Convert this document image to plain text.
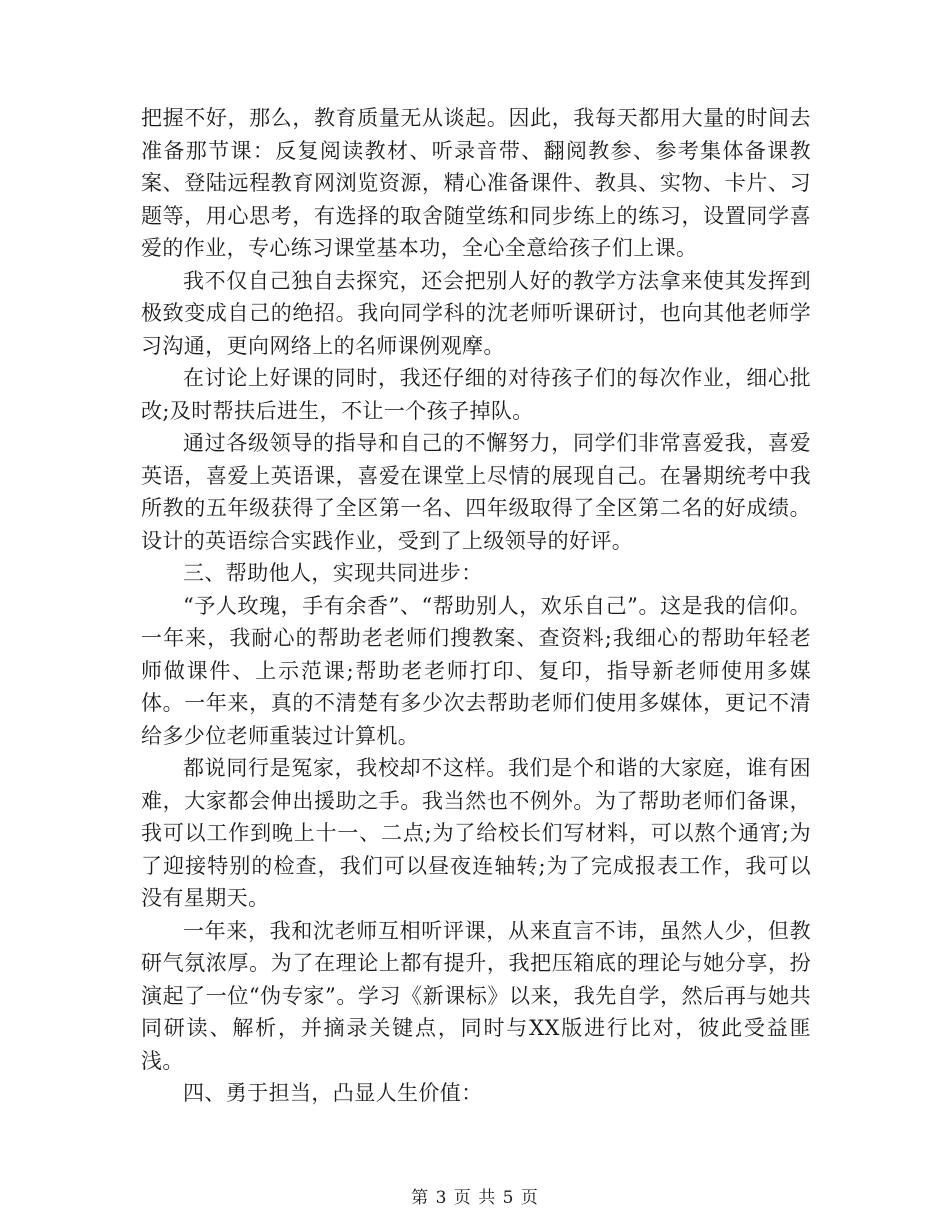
把握不好，那么，教育质量无从谈起。因此，我每天都用大量的时间去准备那节课：反复阅读教材、听录音带、翻阅教参、参考集体备课教案、登陆远程教育网浏览资源，精心准备课件、教具、实物、卡片、习题等，用心思考，有选择的取舍随堂练和同步练上的练习，设置同学喜爱的作业，专心练习课堂基本功，全心全意给孩子们上课。

我不仅自己独自去探究，还会把别人好的教学方法拿来使其发挥到极致变成自己的绝招。我向同学科的沈老师听课研讨，也向其他老师学习沟通，更向网络上的名师课例观摩。

在讨论上好课的同时，我还仔细的对待孩子们的每次作业，细心批改;及时帮扶后进生，不让一个孩子掉队。

通过各级领导的指导和自己的不懈努力，同学们非常喜爱我，喜爱英语，喜爱上英语课，喜爱在课堂上尽情的展现自己。在暑期统考中我所教的五年级获得了全区第一名、四年级取得了全区第二名的好成绩。设计的英语综合实践作业，受到了上级领导的好评。

三、帮助他人，实现共同进步：

“予人玫瑰，手有余香”、“帮助别人，欢乐自己”。这是我的信仰。一年来，我耐心的帮助老老师们搜教案、查资料;我细心的帮助年轻老师做课件、上示范课;帮助老老师打印、复印，指导新老师使用多媒体。一年来，真的不清楚有多少次去帮助老师们使用多媒体，更记不清给多少位老师重装过计算机。

都说同行是冤家，我校却不这样。我们是个和谐的大家庭，谁有困难，大家都会伸出援助之手。我当然也不例外。为了帮助老师们备课，我可以工作到晚上十一、二点;为了给校长们写材料，可以熬个通宵;为了迎接特别的检查，我们可以昼夜连轴转;为了完成报表工作，我可以没有星期天。

一年来，我和沈老师互相听评课，从来直言不讳，虽然人少，但教研气氛浓厚。为了在理论上都有提升，我把压箱底的理论与她分享，扮演起了一位“伪专家”。学习《新课标》以来，我先自学，然后再与她共同研读、解析，并摘录关键点，同时与XX版进行比对，彼此受益匪浅。

四、勇于担当，凸显人生价值：

第 3 页 共 5 页
